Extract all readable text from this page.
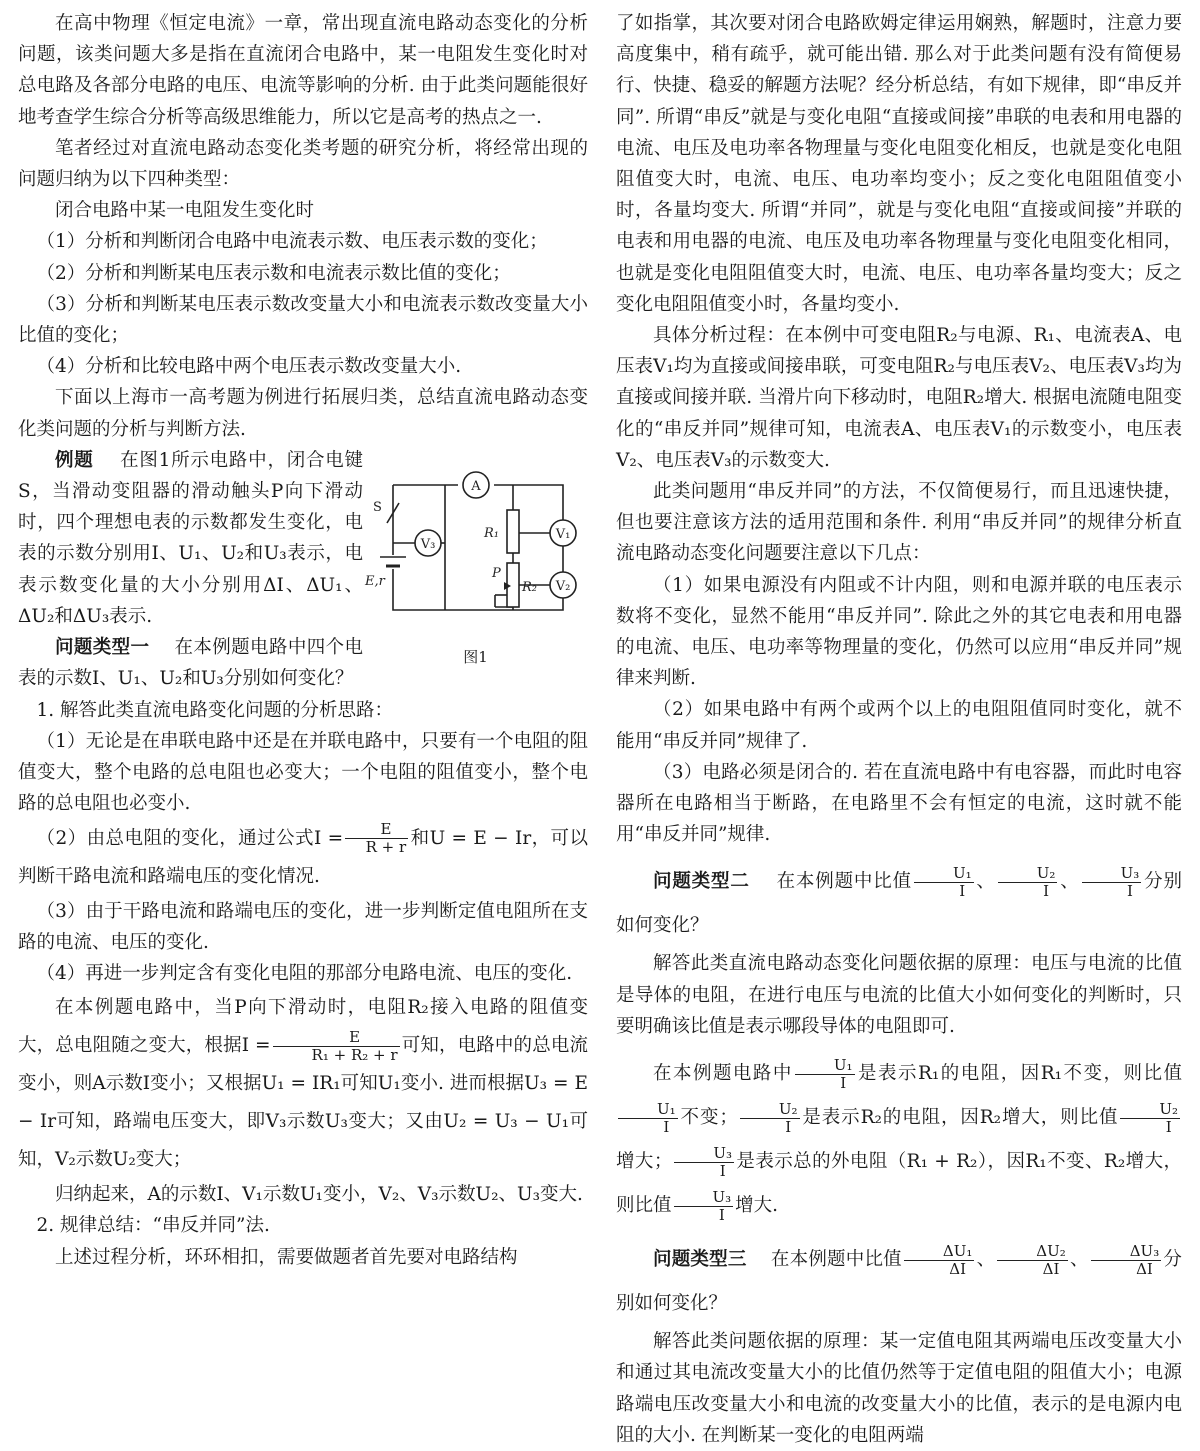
在高中物理《恒定电流》一章，常出现直流电路动态变化的分析问题，该类问题大多是指在直流闭合电路中，某一电阻发生变化时对总电路及各部分电路的电压、电流等影响的分析. 由于此类问题能很好地考查学生综合分析等高级思维能力，所以它是高考的热点之一.

笔者经过对直流电路动态变化类考题的研究分析，将经常出现的问题归纳为以下四种类型：

闭合电路中某一电阻发生变化时

（1）分析和判断闭合电路中电流表示数、电压表示数的变化；

（2）分析和判断某电压表示数和电流表示数比值的变化；

（3）分析和判断某电压表示数改变量大小和电流表示数改变量大小比值的变化；

（4）分析和比较电路中两个电压表示数改变量大小.

下面以上海市一高考题为例进行拓展归类，总结直流电路动态变化类问题的分析与判断方法.

例题 在图1所示电路中，闭合电键S，当滑动变阻器的滑动触头P向下滑动时，四个理想电表的示数都发生变化，电表的示数分别用I、U₁、U₂和U₃表示，电表示数变化量的大小分别用ΔI、ΔU₁、ΔU₂和ΔU₃表示.

问题类型一 在本例题电路中四个电表的示数I、U₁、U₂和U₃分别如何变化？

A
V₁
V₂
V₃
R₁
R₂
P
S
E,r
图1

1. 解答此类直流电路变化问题的分析思路：

（1）无论是在串联电路中还是在并联电路中，只要有一个电阻的阻值变大，整个电路的总电阻也必变大；一个电阻的阻值变小，整个电路的总电阻也必变小.

（2）由总电阻的变化，通过公式$I = \frac{E}{R + r}$ 和U = E − Ir，可以判断干路电流和路端电压的变化情况.

（3）由于干路电流和路端电压的变化，进一步判断定值电阻所在支路的电流、电压的变化.

（4）再进一步判定含有变化电阻的那部分电路电流、电压的变化.

在本例题电路中，当P向下滑动时，电阻R₂接入电路的阻值变大，总电阻随之变大，根据$I = \frac{E}{\text{R₁ + R₂ + r}}$ 可知，电路中的总电流变小，则A示数I变小；又根据U₁ = IR₁可知U₁变小. 进而根据U₃ = E − Ir可知，路端电压变大，即V₃示数U₃变大；又由U₂ = U₃ − U₁可知，V₂示数U₂变大；

归纳起来，A的示数I、V₁示数U₁变小，V₂、V₃示数U₂、U₃变大.

2. 规律总结：“串反并同”法.

上述过程分析，环环相扣，需要做题者首先要对电路结构

了如指掌，其次要对闭合电路欧姆定律运用娴熟，解题时，注意力要高度集中，稍有疏乎，就可能出错. 那么对于此类问题有没有简便易行、快捷、稳妥的解题方法呢？经分析总结，有如下规律，即“串反并同”. 所谓“串反”就是与变化电阻“直接或间接”串联的电表和用电器的电流、电压及电功率各物理量与变化电阻变化相反，也就是变化电阻阻值变大时，电流、电压、电功率均变小；反之变化电阻阻值变小时，各量均变大. 所谓“并同”，就是与变化电阻“直接或间接”并联的电表和用电器的电流、电压及电功率各物理量与变化电阻变化相同，也就是变化电阻阻值变大时，电流、电压、电功率各量均变大；反之变化电阻阻值变小时，各量均变小.

具体分析过程：在本例中可变电阻R₂与电源、R₁、电流表A、电压表V₁均为直接或间接串联，可变电阻R₂与电压表V₂、电压表V₃均为直接或间接并联. 当滑片向下移动时，电阻R₂增大. 根据电流随电阻变化的“串反并同”规律可知，电流表A、电压表V₁的示数变小，电压表V₂、电压表V₃的示数变大.

此类问题用“串反并同”的方法，不仅简便易行，而且迅速快捷，但也要注意该方法的适用范围和条件. 利用“串反并同”的规律分析直流电路动态变化问题要注意以下几点：

（1）如果电源没有内阻或不计内阻，则和电源并联的电压表示数将不变化，显然不能用“串反并同”. 除此之外的其它电表和用电器的电流、电压、电功率等物理量的变化，仍然可以应用“串反并同”规律来判断.

（2）如果电路中有两个或两个以上的电阻阻值同时变化，就不能用“串反并同”规律了.

（3）电路必须是闭合的. 若在直流电路中有电容器，而此时电容器所在电路相当于断路，在电路里不会有恒定的电流，这时就不能用“串反并同”规律.

问题类型二 在本例题中比值 $\frac{\text{U₁}}{I}$ 、 $\frac{\text{U₂}}{I}$ 、 $\frac{\text{U₃}}{I}$ 分别如何变化？

解答此类直流电路动态变化问题依据的原理：电压与电流的比值是导体的电阻，在进行电压与电流的比值大小如何变化的判断时，只要明确该比值是表示哪段导体的电阻即可.

在本例题电路中 $\frac{\text{U₁}}{I}$ 是表示R₁的电阻，因R₁不变，则比值
$\frac{\text{U₁}}{I}$ 不变； $\frac{\text{U₂}}{I}$ 是表示R₂的电阻，因R₂增大，则比值 $\frac{\text{U₂}}{I}$
增大； $\frac{\text{U₃}}{I}$ 是表示总的外电阻（R₁ + R₂），因R₁不变、R₂增大，则比值 $\frac{\text{U₃}}{I}$ 增大.

问题类型三 在本例题中比值 $\frac{\text{ΔU₁}}{\Delta I}$ 、 $\frac{\text{ΔU₂}}{\Delta I}$ 、 $\frac{\text{ΔU₃}}{\Delta I}$ 分别如何变化？

解答此类问题依据的原理：某一定值电阻其两端电压改变量大小和通过其电流改变量大小的比值仍然等于定值电阻的阻值大小；电源路端电压改变量大小和电流的改变量大小的比值，表示的是电源内电阻的大小. 在判断某一变化的电阻两端
